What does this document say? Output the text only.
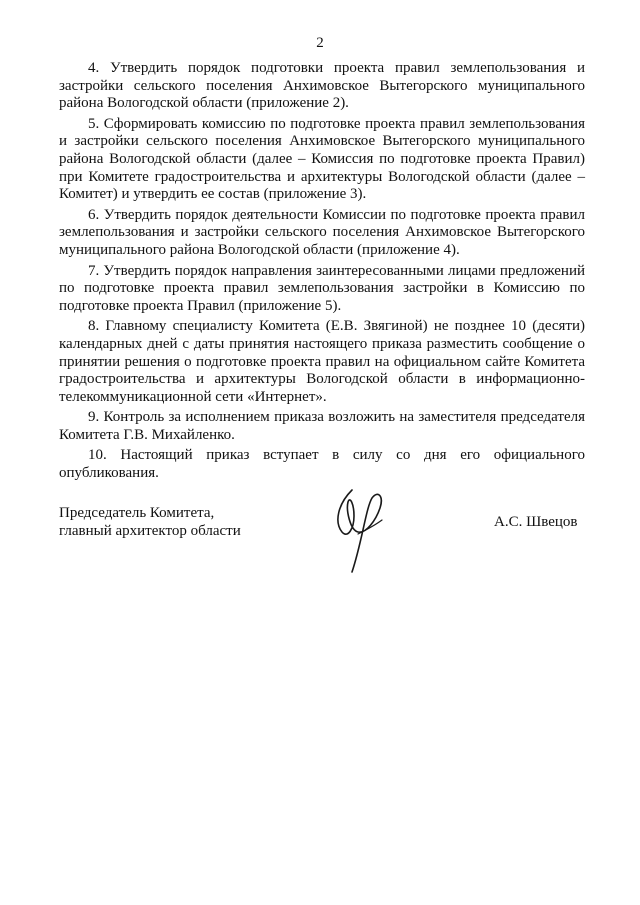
2

4. Утвердить порядок подготовки проекта правил землепользования и застройки сельского поселения Анхимовское Вытегорского муниципального района Вологодской области (приложение 2).

5. Сформировать комиссию по подготовке проекта правил землепользования и застройки сельского поселения Анхимовское Вытегорского муниципального района Вологодской области (далее – Комиссия по подготовке проекта Правил) при Комитете градостроительства и архитектуры Вологодской области (далее – Комитет) и утвердить ее состав (приложение 3).

6. Утвердить порядок деятельности Комиссии по подготовке проекта правил землепользования и застройки сельского поселения Анхимовское Вытегорского муниципального района Вологодской области (приложение 4).

7. Утвердить порядок направления заинтересованными лицами предложений по подготовке проекта правил землепользования застройки в Комиссию по подготовке проекта Правил (приложение 5).

8. Главному специалисту Комитета (Е.В. Звягиной) не позднее 10 (десяти) календарных дней с даты принятия настоящего приказа разместить сообщение о принятии решения о подготовке проекта правил на официальном сайте Комитета градостроительства и архитектуры Вологодской области в информационно-телекоммуникационной сети «Интернет».

9. Контроль за исполнением приказа возложить на заместителя председателя Комитета Г.В. Михайленко.

10. Настоящий приказ вступает в силу со дня его официального опубликования.

Председатель Комитета,
главный архитектор области
А.С. Швецов
